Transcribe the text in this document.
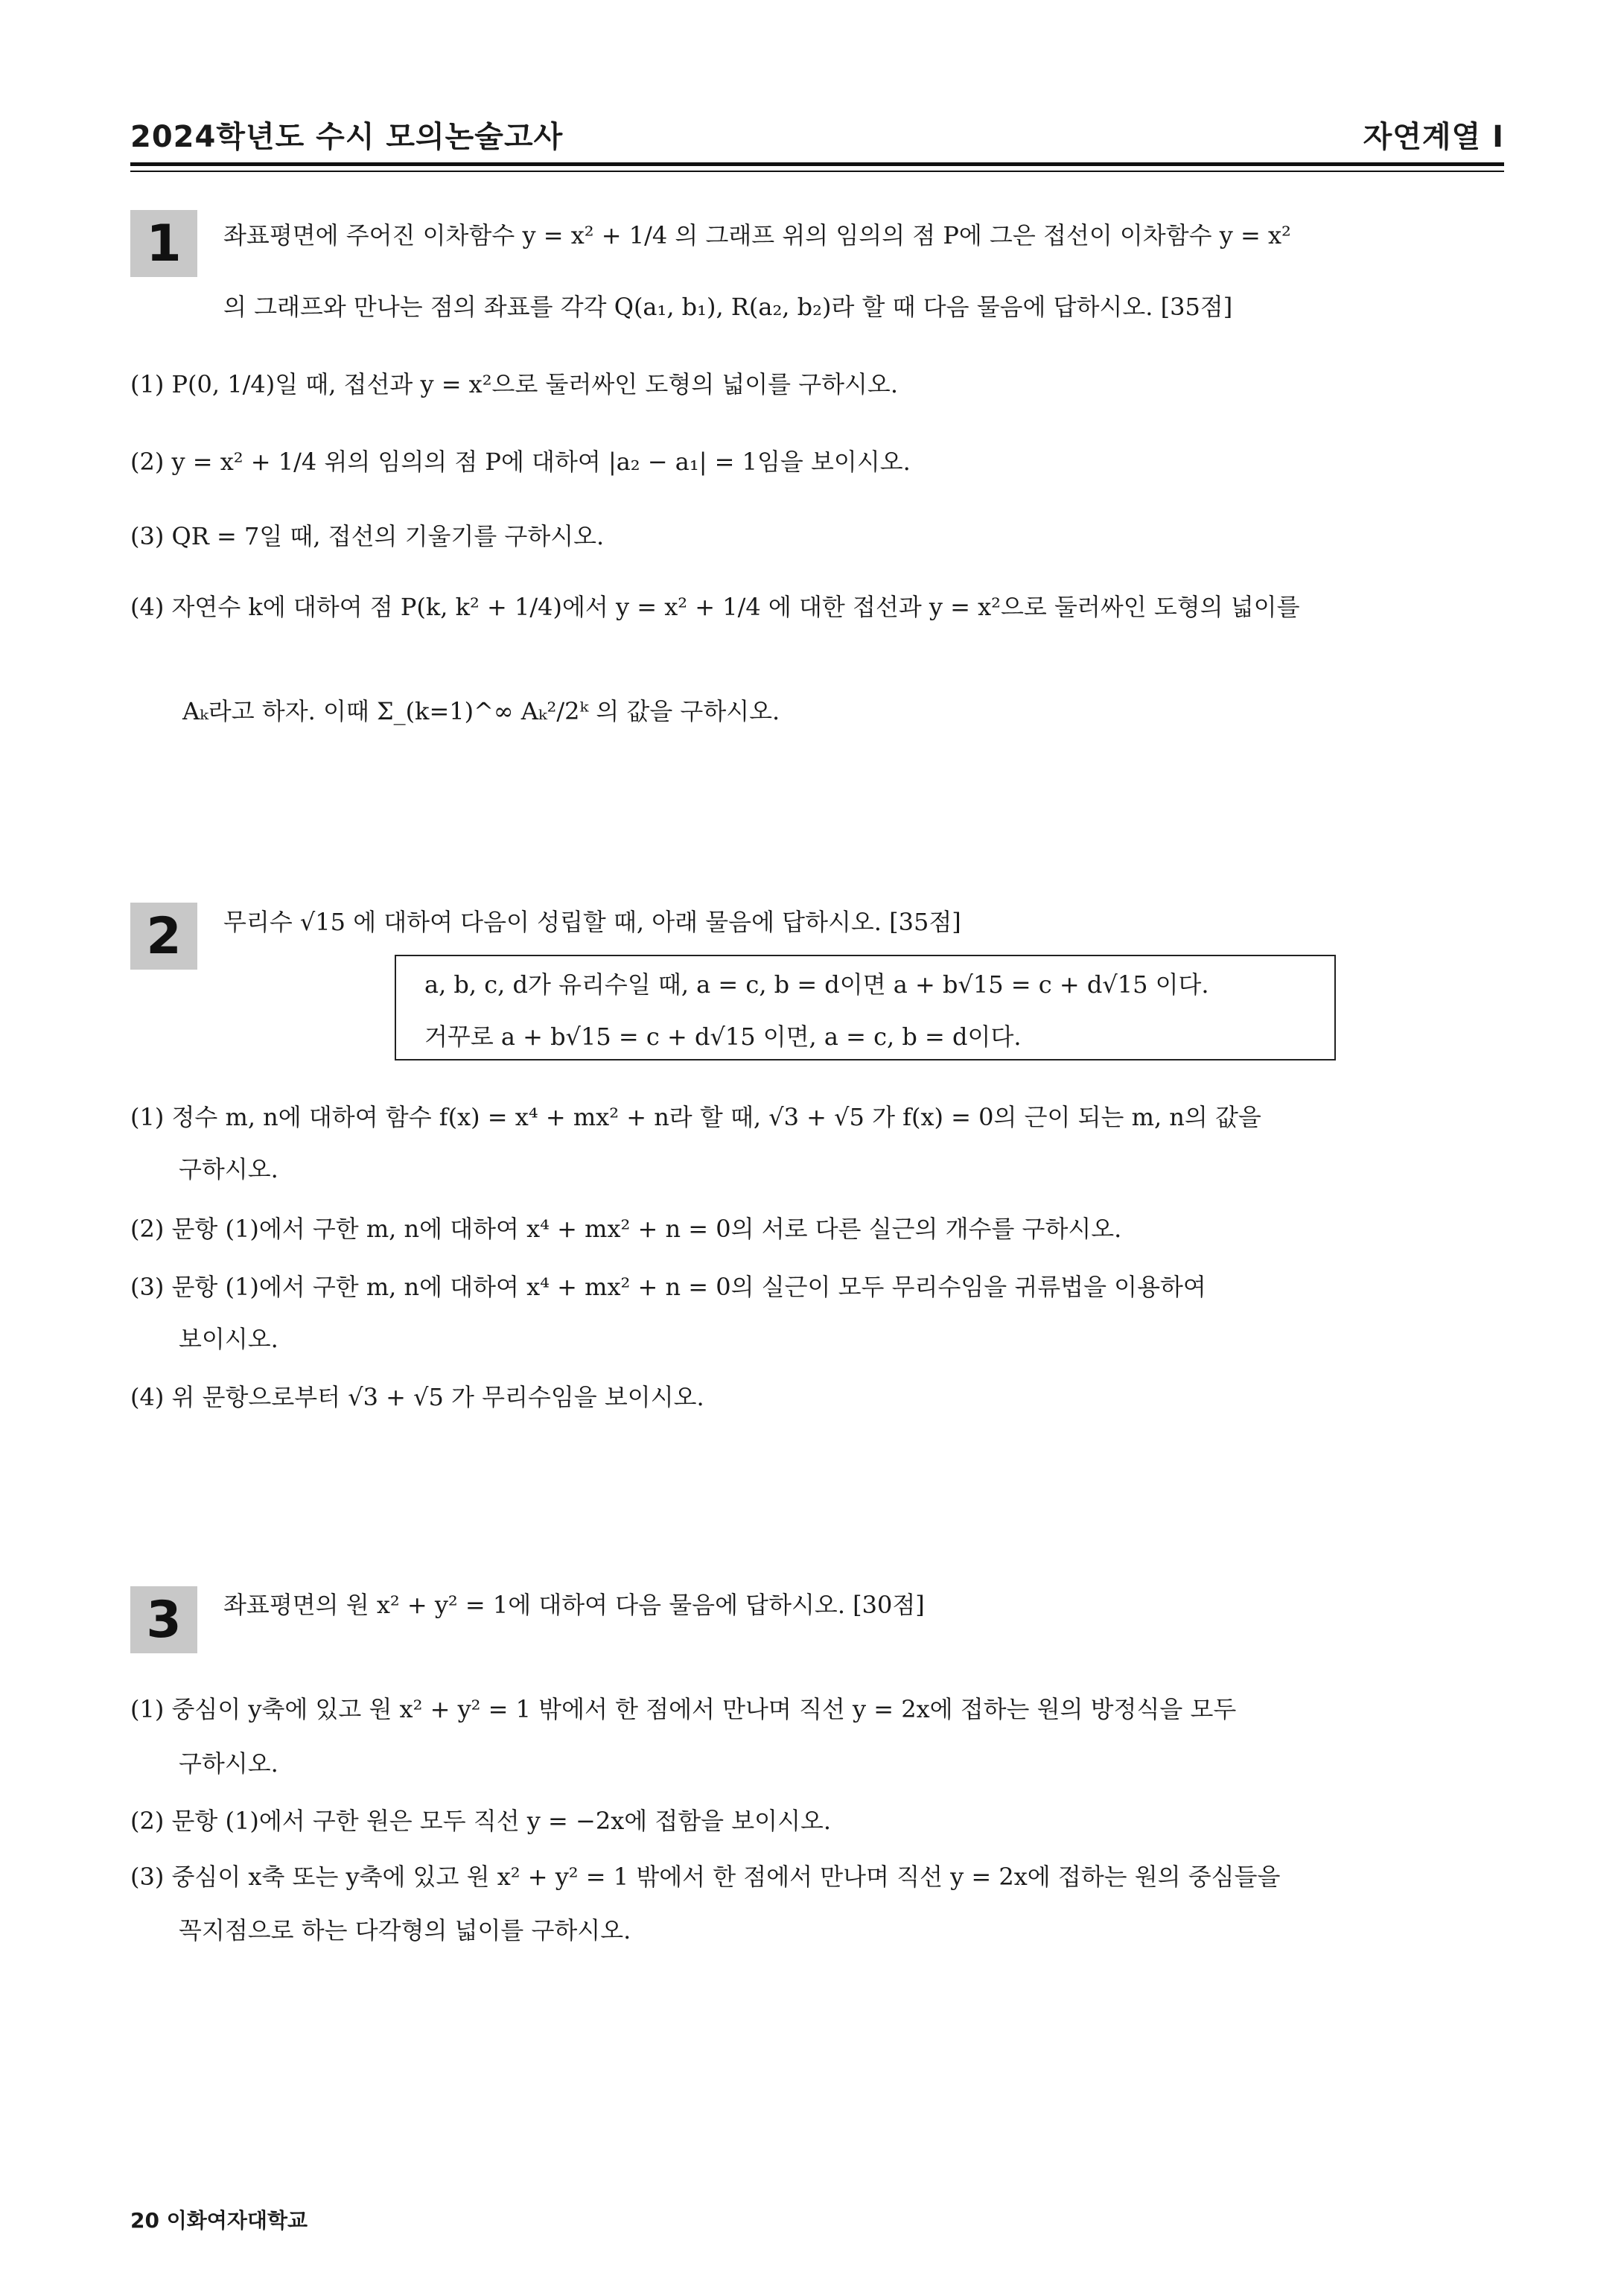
2024학년도 수시 모의논술고사	자연계열 I
1	좌표평면에 주어진 이차함수 y = x² + 1/4 의 그래프 위의 임의의 점 P에 그은 접선이 이차함수 y = x²
의 그래프와 만나는 점의 좌표를 각각 Q(a₁, b₁), R(a₂, b₂)라 할 때 다음 물음에 답하시오. [35점]
(1) P(0, 1/4)일 때, 접선과 y = x²으로 둘러싸인 도형의 넓이를 구하시오.
(2) y = x² + 1/4 위의 임의의 점 P에 대하여 |a₂ − a₁| = 1임을 보이시오.
(3) QR = 7일 때, 접선의 기울기를 구하시오.
(4) 자연수 k에 대하여 점 P(k, k² + 1/4)에서 y = x² + 1/4 에 대한 접선과 y = x²으로 둘러싸인 도형의 넓이를
Aₖ라고 하자. 이때 Σ_(k=1)^∞ Aₖ²/2ᵏ 의 값을 구하시오.
2	무리수 √15 에 대하여 다음이 성립할 때, 아래 물음에 답하시오. [35점]
a, b, c, d가 유리수일 때, a = c, b = d이면 a + b√15 = c + d√15 이다.
거꾸로 a + b√15 = c + d√15 이면, a = c, b = d이다.
(1) 정수 m, n에 대하여 함수 f(x) = x⁴ + mx² + n라 할 때, √3 + √5 가 f(x) = 0의 근이 되는 m, n의 값을
구하시오.
(2) 문항 (1)에서 구한 m, n에 대하여 x⁴ + mx² + n = 0의 서로 다른 실근의 개수를 구하시오.
(3) 문항 (1)에서 구한 m, n에 대하여 x⁴ + mx² + n = 0의 실근이 모두 무리수임을 귀류법을 이용하여
보이시오.
(4) 위 문항으로부터 √3 + √5 가 무리수임을 보이시오.
3	좌표평면의 원 x² + y² = 1에 대하여 다음 물음에 답하시오. [30점]
(1) 중심이 y축에 있고 원 x² + y² = 1 밖에서 한 점에서 만나며 직선 y = 2x에 접하는 원의 방정식을 모두
구하시오.
(2) 문항 (1)에서 구한 원은 모두 직선 y = −2x에 접함을 보이시오.
(3) 중심이 x축 또는 y축에 있고 원 x² + y² = 1 밖에서 한 점에서 만나며 직선 y = 2x에 접하는 원의 중심들을
꼭지점으로 하는 다각형의 넓이를 구하시오.
20 이화여자대학교
